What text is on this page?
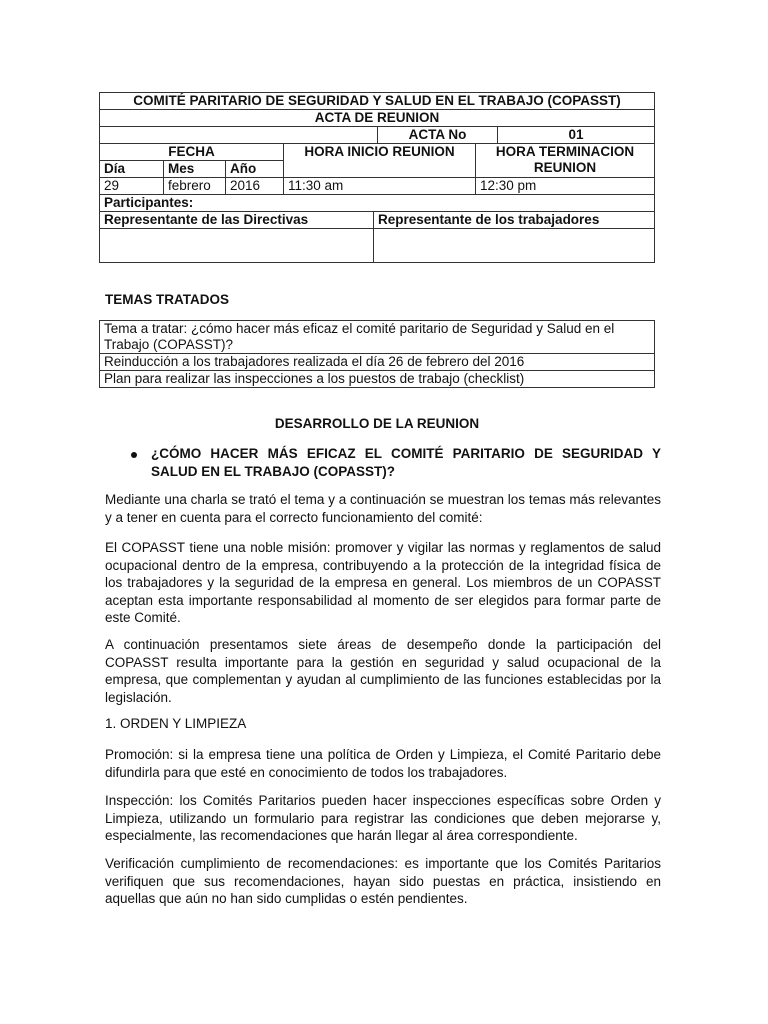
COMITÉ PARITARIO DE SEGURIDAD Y SALUD EN EL TRABAJO (COPASST)							
ACTA DE REUNION							
					ACTA No		01
FECHA			HORA INICIO REUNION			HORA TERMINACION REUNION	
Día	Mes	Año					
29	febrero	2016	11:30 am			12:30 pm	
Participantes:							
Representante de las Directivas				Representante de los trabajadores			

TEMAS TRATADOS
Tema a tratar: ¿cómo hacer más eficaz el comité paritario de Seguridad y Salud en el Trabajo (COPASST)?
Reinducción a los trabajadores realizada el día 26 de febrero del 2016
Plan para realizar las inspecciones a los puestos de trabajo (checklist)
DESARROLLO DE LA REUNION
¿CÓMO HACER MÁS EFICAZ EL COMITÉ PARITARIO DE SEGURIDAD Y SALUD EN EL TRABAJO (COPASST)?
Mediante una charla se trató el tema y a continuación se muestran los temas más relevantes y a tener en cuenta para el correcto funcionamiento del comité:
El COPASST tiene una noble misión: promover y vigilar las normas y reglamentos de salud ocupacional dentro de la empresa, contribuyendo a la protección de la integridad física de los trabajadores y la seguridad de la empresa en general. Los miembros de un COPASST aceptan esta importante responsabilidad al momento de ser elegidos para formar parte de este Comité.
A continuación presentamos siete áreas de desempeño donde la participación del COPASST resulta importante para la gestión en seguridad y salud ocupacional de la empresa, que complementan y ayudan al cumplimiento de las funciones establecidas por la legislación.
1. ORDEN Y LIMPIEZA
Promoción: si la empresa tiene una política de Orden y Limpieza, el Comité Paritario debe difundirla para que esté en conocimiento de todos los trabajadores.
Inspección: los Comités Paritarios pueden hacer inspecciones específicas sobre Orden y Limpieza, utilizando un formulario para registrar las condiciones que deben mejorarse y, especialmente, las recomendaciones que harán llegar al área correspondiente.
Verificación cumplimiento de recomendaciones: es importante que los Comités Paritarios verifiquen que sus recomendaciones, hayan sido puestas en práctica, insistiendo en aquellas que aún no han sido cumplidas o estén pendientes.
